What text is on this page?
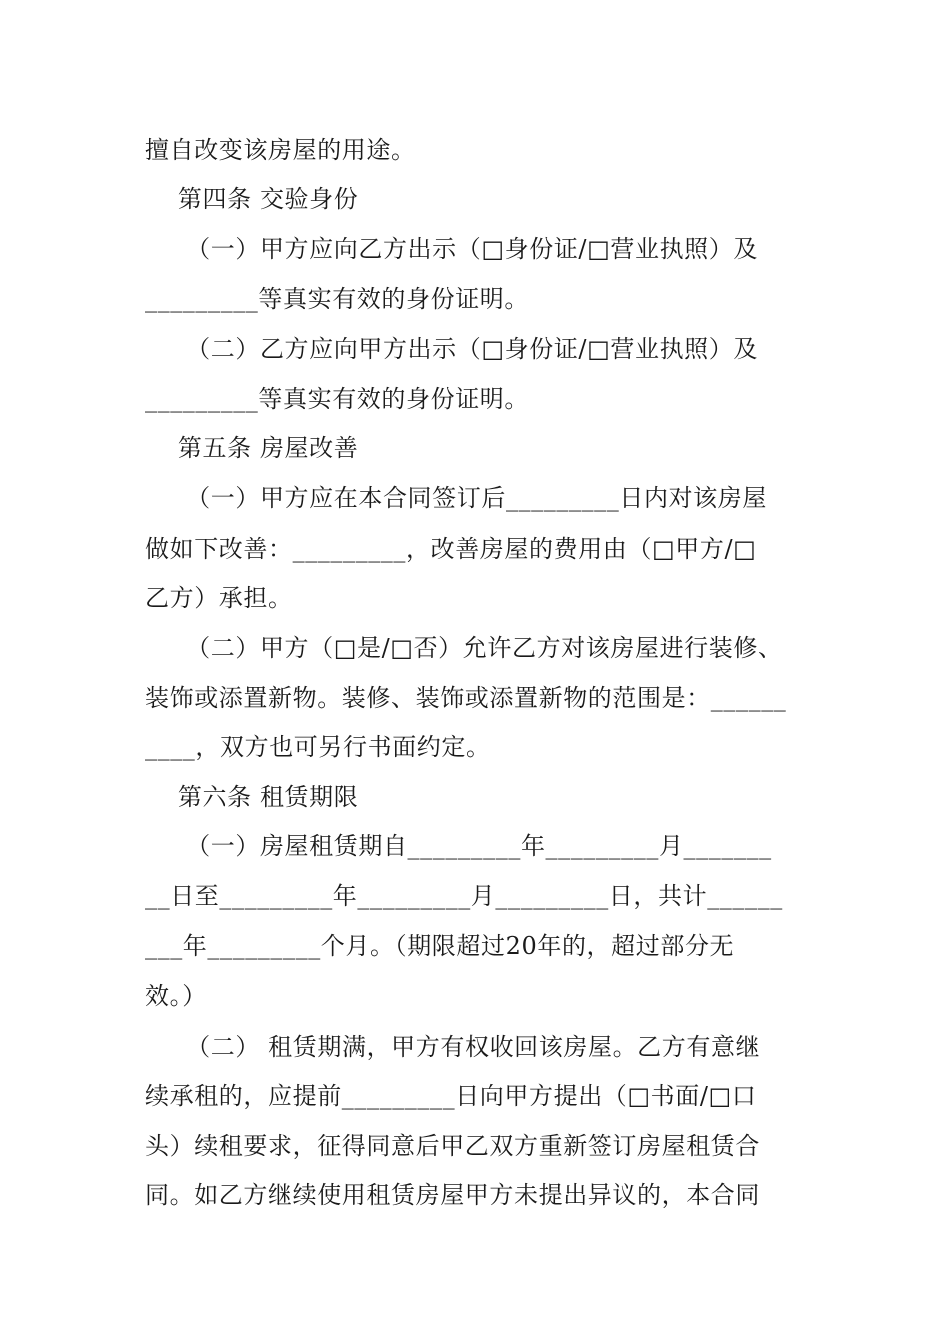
擅自改变该房屋的用途。
第四条 交验身份
（一）甲方应向乙方出示（□身份证/□营业执照）及
_________等真实有效的身份证明。
（二）乙方应向甲方出示（□身份证/□营业执照）及
_________等真实有效的身份证明。
第五条 房屋改善
（一）甲方应在本合同签订后_________日内对该房屋
做如下改善：_________，改善房屋的费用由（□甲方/□
乙方）承担。
（二）甲方（□是/□否）允许乙方对该房屋进行装修、
装饰或添置新物。装修、装饰或添置新物的范围是：______
____，双方也可另行书面约定。
第六条 租赁期限
（一）房屋租赁期自_________年_________月_______
__日至_________年_________月_________日，共计______
___年_________个月。（期限超过20年的，超过部分无
效。）
（二） 租赁期满，甲方有权收回该房屋。乙方有意继
续承租的，应提前_________日向甲方提出（□书面/□口
头）续租要求，征得同意后甲乙双方重新签订房屋租赁合
同。如乙方继续使用租赁房屋甲方未提出异议的，本合同
